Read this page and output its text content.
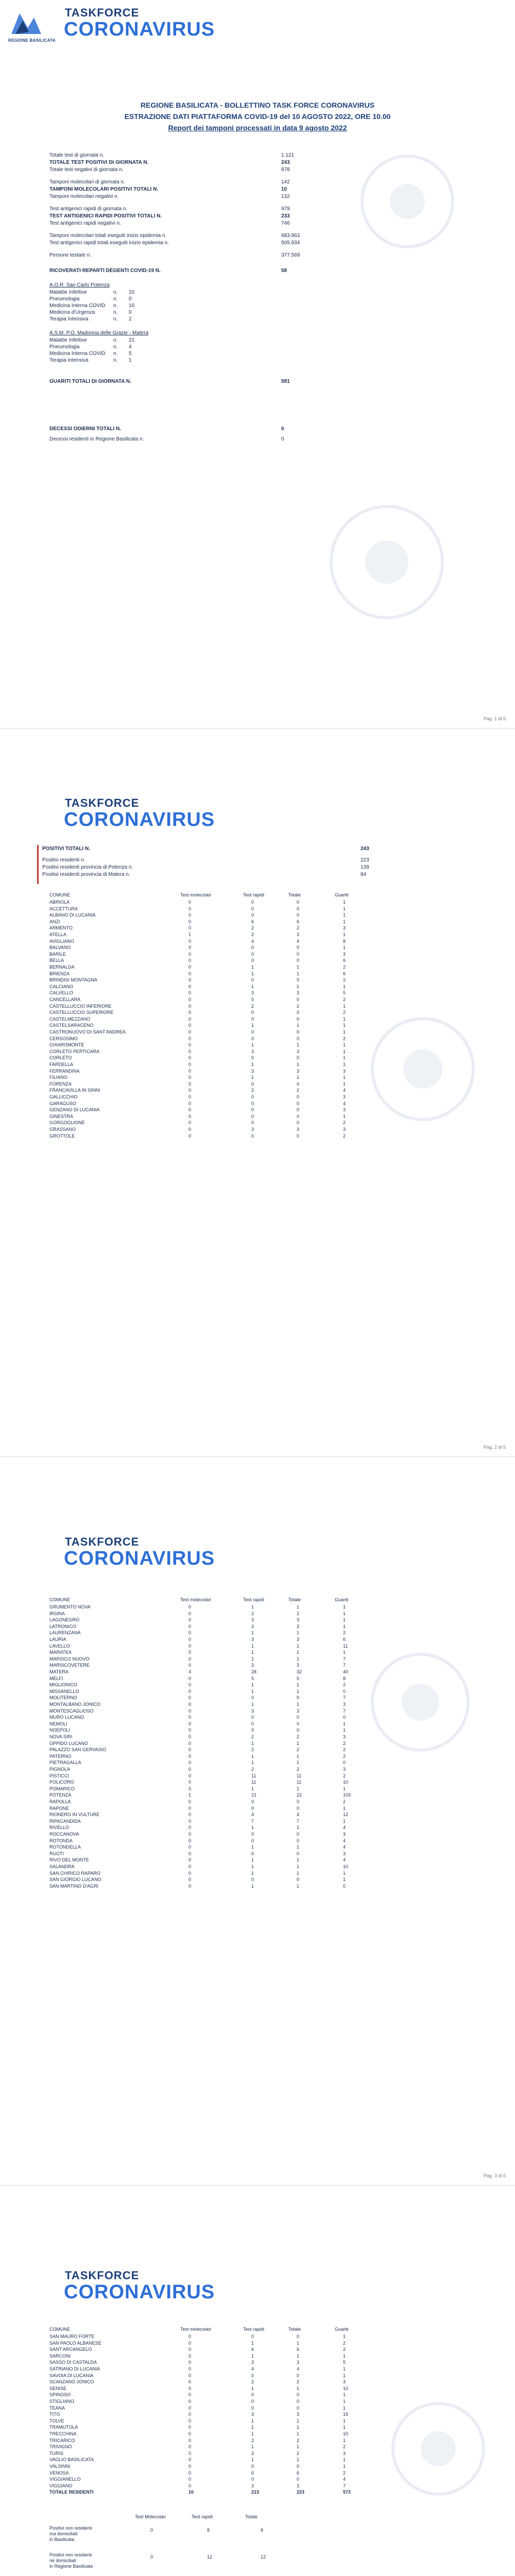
REGIONE BASILICATA
TASKFORCE
CORONAVIRUS
REGIONE BASILICATA - BOLLETTINO TASK FORCE CORONAVIRUS
ESTRAZIONE DATI PIATTAFORMA COVID-19 del 10 AGOSTO 2022, ORE 10.00
Report dei tamponi processati in data 9 agosto 2022
Totale test di giornata n.	1.121
TOTALE TEST POSITIVI DI GIORNATA N.	243
Totale test negativi di giornata n.	878
Tamponi molecolari di giornata n.	142
TAMPONI MOLECOLARI POSITIVI TOTALI N.	10
Tamponi molecolari negativi n.	132
Test antigenici rapidi di giornata n.	979
TEST ANTIGENICI RAPIDI POSITIVI TOTALI N.	233
Test antigenici rapidi negativi n.	746
Tamponi molecolari totali eseguiti inizio epidemia n.	683.963
Test antigenici rapidi totali eseguiti inizio epidemia n.	505.934
Persone testate n.	377.569
RICOVERATI REPARTI DEGENTI COVID-19 N.	58
A.O.R. San Carlo Potenza
Malattie Infettive	n. 10
Pneumologia	n. 0
Medicina Interna COVID n. 10
Medicina d'Urgenza	n. 0
Terapia Intensiva	n. 2
A.S.M. P.O. Madonna delle Grazie - Matera
Malattie Infettive	n. 21
Pneumologia	n. 4
Medicina Interna COVID n. 5
Terapia Intensiva	n. 1
GUARITI TOTALI DI GIORNATA N.	581
DECESSI ODIERNI TOTALI N.	0
Decessi residenti in Regione Basilicata n.	0
Pag. 1 di 5
TASKFORCE
CORONAVIRUS
POSITIVI TOTALI N.	243
Positivi residenti n.	223
Positivi residenti provincia di Potenza n.	139
Positivi residenti provincia di Matera n.	84
COMUNE	Test molecolari	Test rapidi	Totale	Guariti
ABRIOLA	0	0	0	1
ACCETTURA	0	0	0	1
ALBANO DI LUCANIA	0	0	0	1
ANZI	0	6	6	1
ARMENTO	0	2	2	3
ATELLA	1	2	3	1
AVIGLIANO	0	4	4	8
BALVANO	0	0	0	1
BARILE	0	0	0	3
BELLA	0	0	0	6
BERNALDA	0	1	1	2
BRIENZA	0	1	1	6
BRINDISI MONTAGNA	0	0	0	2
CALCIANO	0	1	1	1
CALVELLO	0	3	3	5
CANCELLARA	0	0	0	2
CASTELLUCCIO INFERIORE	0	2	2	1
CASTELLUCCIO SUPERIORE	0	0	0	2
CASTELMEZZANO	0	0	0	1
CASTELSARACENO	0	1	1	1
CASTRONUOVO DI SANT'ANDREA	0	0	0	1
CERSOSIMO	0	0	0	2
CHIAROMONTE	0	1	1	1
CORLETO PERTICARA	0	3	3	1
CORLETO	0	0	0	1
FARDELLA	0	1	1	1
FERRANDINA	0	3	3	3
FILIANO	0	1	1	1
FORENZA	0	0	0	1
FRANCAVILLA IN SINNI	0	2	2	4
GALLICCHIO	0	0	0	3
GARAGUSO	0	0	0	4
GENZANO DI LUCANIA	0	0	0	3
GINESTRA	0	0	0	1
GORGOGLIONE	0	0	0	2
GRASSANO	0	3	3	3
GROTTOLE	0	0	0	2
Pag. 2 di 5
TASKFORCE
CORONAVIRUS
COMUNE	Test molecolari	Test rapidi	Totale	Guariti
GRUMENTO NOVA	0	1	1	1
IRSINA	0	2	2	1
LAGONEGRO	0	3	3	1
LATRONICO	0	3	3	1
LAURENZANA	0	1	1	2
LAURIA	0	3	3	6
LAVELLO	0	1	1	11
MARATEA	0	1	1	1
MARSICO NUOVO	0	1	1	7
MARSICOVETERE	0	3	3	7
MATERA	4	28	32	40
MELFI	0	5	5	8
MIGLIONICO	0	1	1	2
MISSANELLO	0	1	1	0
MOLITERNO	0	0	0	7
MONTALBANO JONICO	0	1	1	3
MONTESCAGLIOSO	0	3	3	7
MURO LUCANO	0	0	0	0
NEMOLI	0	0	0	1
NOEPOLI	0	0	0	1
NOVA SIRI	0	2	2	3
OPPIDO LUCANO	0	1	1	2
PALAZZO SAN GERVASIO	0	2	2	2
PATERNO	0	1	1	2
PIETRAGALLA	0	1	1	0
PIGNOLA	0	2	2	3
PISTICCI	0	11	11	2
POLICORO	0	11	11	10
POMARICO	0	1	1	1
POTENZA	1	21	22	103
RAPOLLA	0	0	0	2
RAPONE	0	0	0	1
RIONERO IN VULTURE	0	4	4	12
RIPACANDIDA	0	7	7	1
RIVELLO	0	1	1	4
ROCCANOVA	0	0	0	3
ROTONDA	0	0	0	4
ROTONDELLA	0	1	1	4
RUOTI	0	0	0	3
RIVO DEL MONTE	0	1	1	4
SALANDRA	0	1	1	10
SAN CHIRICO RAPARO	0	1	1	1
SAN GIORGIO LUCANO	0	0	0	1
SAN MARTINO D'AGRI	0	1	1	0
Pag. 3 di 5
TASKFORCE
CORONAVIRUS
COMUNE	Test molecolari	Test rapidi	Totale	Guariti
SAN MAURO FORTE	0	0	0	1
SAN PAOLO ALBANESE	0	1	1	2
SANT'ARCANGELO	0	6	6	2
SARCONI	0	1	1	1
SASSO DI CASTALDA	0	3	3	5
SATRIANO DI LUCANIA	0	4	4	1
SAVOIA DI LUCANIA	0	0	0	1
SCANZANO JONICO	0	2	2	3
SENISE	0	1	1	10
SPINOSO	0	0	0	1
STIGLIANO	0	0	0	1
TEANA	0	0	0	1
TITO	0	3	3	19
TOLVE	0	1	1	1
TRAMUTOLA	0	1	1	1
TRECCHINA	0	1	1	10
TRICARICO	0	2	2	1
TRIVIGNO	0	1	1	2
TURSI	0	2	2	3
VAGLIO BASILICATA	0	1	1	1
VALSINNI	0	0	0	1
VENOSA	0	6	6	2
VIGGIANELLO	0	0	0	4
VIGGIANO	0	3	3	7
TOTALE RESIDENTI	10	213	223	572
Test Molecolari	Test rapidi	Totale
Positivi non residenti
ma domiciliati
in Basilicata
0	8	8
Positivi non residenti
né domiciliati
in Regione Basilicata
0	12	12
